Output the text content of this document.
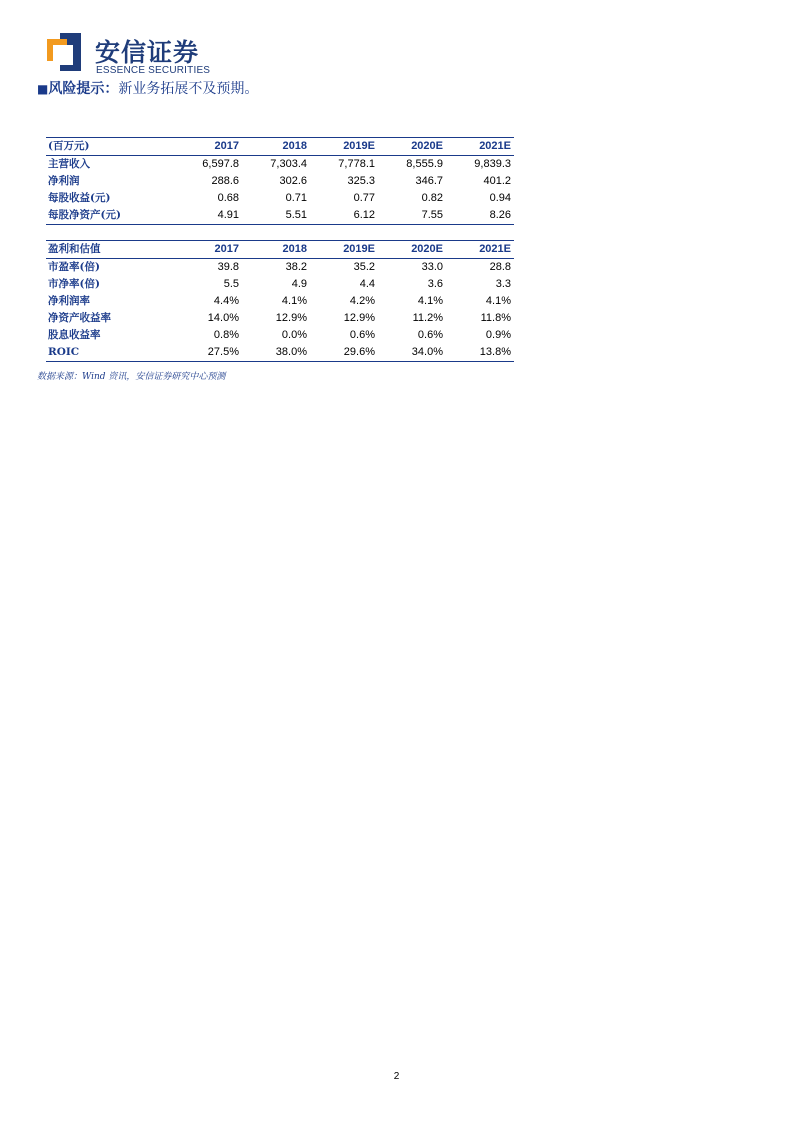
安信证券
ESSENCE SECURITIES
■风险提示：新业务拓展不及预期。
(百万元)	2017	2018	2019E	2020E	2021E
主营收入	6,597.8	7,303.4	7,778.1	8,555.9	9,839.3
净利润	288.6	302.6	325.3	346.7	401.2
每股收益(元)	0.68	0.71	0.77	0.82	0.94
每股净资产(元)	4.91	5.51	6.12	7.55	8.26
盈利和估值	2017	2018	2019E	2020E	2021E
市盈率(倍)	39.8	38.2	35.2	33.0	28.8
市净率(倍)	5.5	4.9	4.4	3.6	3.3
净利润率	4.4%	4.1%	4.2%	4.1%	4.1%
净资产收益率	14.0%	12.9%	12.9%	11.2%	11.8%
股息收益率	0.8%	0.0%	0.6%	0.6%	0.9%
ROIC	27.5%	38.0%	29.6%	34.0%	13.8%
数据来源：Wind 资讯，安信证券研究中心预测
2
